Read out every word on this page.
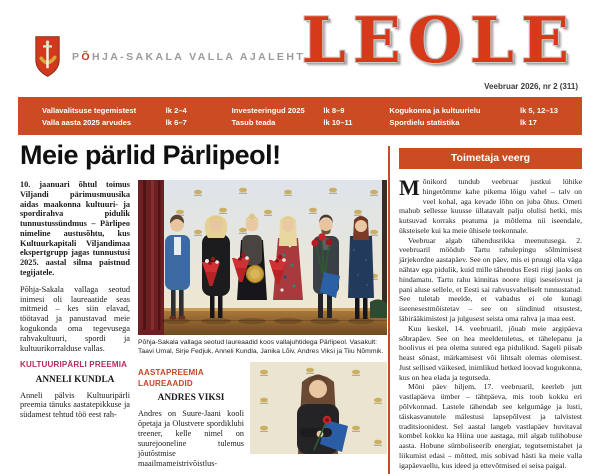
PÕHJA-SAKALA VALLA AJALEHT
LEOLE
Veebruar 2026, nr 2 (311)
Vallavalitsuse tegemistest	lk 2–4	Investeeringud 2025	lk 8–9	Kogukonna ja kultuurielu	lk 5, 12–13
Valla aasta 2025 arvudes	lk 6–7	Tasub teada	lk 10–11	Spordielu statistika	lk 17
Meie pärlid Pärlipeol!

10. jaanuari õhtul toimus Viljandi pärimusmuusika aidas maakonna kultuuri- ja spordirahva pidulik tunnustussündmus – Pärlipeo nimeline austusõhtu, kus Kultuurkapitali Viljandimaa ekspertgrupp jagas tunnustusi 2025. aastal silma paistnud tegijatele.

Põhja-Sakala vallaga seotud inimesi oli laureaatide seas mitmeid – kes siin elavad, töötavad ja panustavad meie kogukonda oma tegevusega rahvakultuuri, spordi ja kultuurikorralduse vallas.

KULTUURIPÄRLI PREEMIA
ANNELI KUNDLA

Anneli pälvis Kultuuripärli preemia tänuks aastatepikkuse ja südamest tehtud töö eest rah-

Põhja-Sakala vallaga seotud laureaadid koos vallajuhtidega Pärlipeol. Vasakult: Taavi Umal, Sirje Fedjuk, Anneli Kundla, Janika Lõiv, Andres Viksi ja Tiiu Nõmmik.

AASTAPREEMIA LAUREAADID
ANDRES VIKSI

Andres on Suure-Jaani kooli õpetaja ja Olustvere spordiklubi treener, kelle nimel on suurejooneline tulemus jõutõstmise maailmameistrivõistlus-

Toimetaja veerg

Mõnikord tundub veebruar justkui lühike hingetõmme kahe pikema lõigu vahel – talv on veel kohal, aga kevade lõhn on juba õhus. Ometi mahub sellesse kuusse üllatavalt palju olulisi hetki, mis kutsuvad korraks peatuma ja mõtlema nii iseendale, üksteisele kui ka meie ühisele teekonnale.

Veebruar algab tähendusrikka meenutusega. 2. veebruaril möödub Tartu rahulepingu sõlmimisest järjekordne aastapäev. See on päev, mis ei pruugi olla väga nähtav ega pidulik, kuid mille tähendus Eesti riigi jaoks on hindamatu. Tartu rahu kinnitas noore riigi iseseisvust ja pani aluse sellele, et Eesti sai rahvusvaheliselt tunnustatud. See tuletab meelde, et vabadus ei ole kunagi iseenesestmõistetav – see on sündinud otsustest, läbirääkimistest ja julgusest seista oma rahva ja maa eest.

Kuu keskel, 14. veebruaril, jõuab meie argipäeva sõbrapäev. See on hea meeldetuletus, et tähelepanu ja hoolivus ei pea olema suured ega pidulikud. Sageli piisab heast sõnast, märkamisest või lihtsalt olemas olemisest. Just sellised väikesed, inimlikud hetked loovad kogukonna, kus on hea elada ja tegutseda.

Mõni päev hiljem, 17. veebruaril, keerleb jutt vastlapäeva ümber – tähtpäeva, mis toob kokku eri põlvkonnad. Lastele tähendab see kelgumäge ja lusti, täiskasvanutele mälestusi lapsepõlvest ja talvistest traditsioonidest. Sel aastal langeb vastlapäev huvitaval kombel kokku ka Hiina uue aastaga, mil algab tulihobuse aasta. Hobune sümboliseerib energiat, tegutsemistahet ja liikumist edasi – mõtted, mis sobivad hästi ka meie valla igapäevaellu, kus ideed ja ettevõtmised ei seisa paigal.
